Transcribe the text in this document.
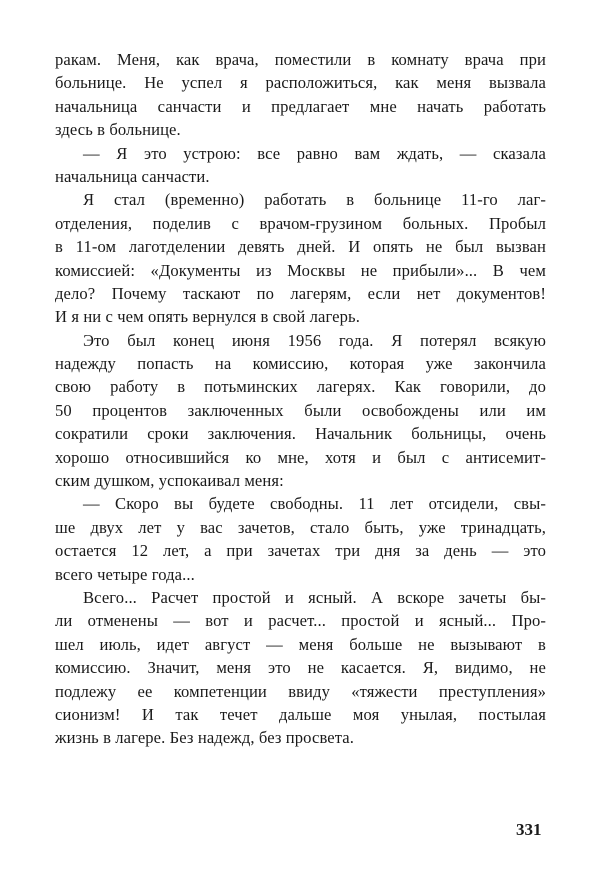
ракам. Меня, как врача, поместили в комнату врача при
больнице. Не успел я расположиться, как меня вызвала
начальница санчасти и предлагает мне начать работать
здесь в больнице.
— Я это устрою: все равно вам ждать, — сказала
начальница санчасти.
Я стал (временно) работать в больнице 11-го лаг-
отделения, поделив с врачом-грузином больных. Пробыл
в 11-ом лаготделении девять дней. И опять не был вызван
комиссией: «Документы из Москвы не прибыли»... В чем
дело? Почему таскают по лагерям, если нет документов!
И я ни с чем опять вернулся в свой лагерь.
Это был конец июня 1956 года. Я потерял всякую
надежду попасть на комиссию, которая уже закончила
свою работу в потьминских лагерях. Как говорили, до
50 процентов заключенных были освобождены или им
сократили сроки заключения. Начальник больницы, очень
хорошо относившийся ко мне, хотя и был с антисемит-
ским душком, успокаивал меня:
— Скоро вы будете свободны. 11 лет отсидели, свы-
ше двух лет у вас зачетов, стало быть, уже тринадцать,
остается 12 лет, а при зачетах три дня за день — это
всего четыре года...
Всего... Расчет простой и ясный. А вскоре зачеты бы-
ли отменены — вот и расчет... простой и ясный... Про-
шел июль, идет август — меня больше не вызывают в
комиссию. Значит, меня это не касается. Я, видимо, не
подлежу ее компетенции ввиду «тяжести преступления»
сионизм! И так течет дальше моя унылая, постылая
жизнь в лагере. Без надежд, без просвета.
331
